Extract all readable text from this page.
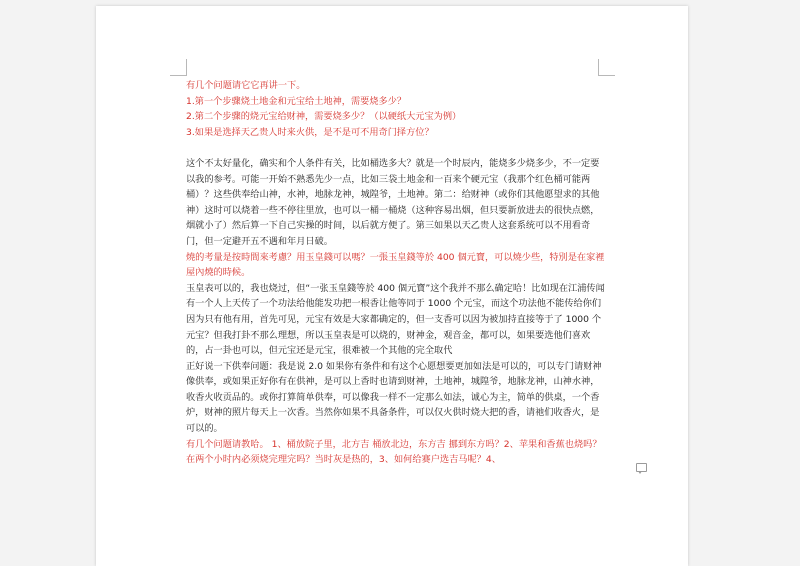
有几个问题请它它再讲一下。

1.第一个步骤烧土地金和元宝给土地神，需要烧多少？

2.第二个步骤的烧元宝给财神，需要烧多少？（以硬纸大元宝为例）

3.如果是选择天乙贵人时来火供，是不是可不用奇门择方位？

这个不太好量化，确实和个人条件有关，比如桶选多大？就是一个时辰内，能烧多少烧多少，不一定要以我的参考。可能一开始不熟悉先少一点，比如三袋土地金和一百来个硬元宝（我那个红色桶可能两桶）？这些供奉给山神，水神，地脉龙神，城隍爷，土地神。第二：给财神（或你们其他愿望求的其他神）这时可以烧着一些不停往里放，也可以一桶一桶烧（这种容易出烟，但只要新放进去的很快点燃，烟就小了）然后算一下自己实操的时间，以后就方便了。第三如果以天乙贵人这套系统可以不用看奇门，但一定避开五不遇和年月日破。

燒的考量是按時間來考慮？用玉皇錢可以嗎？一張玉皇錢等於 400 個元寶，可以燒少些，特別是在家裡屋內燒的時候。

玉皇表可以的，我也烧过，但“一张玉皇錢等於 400 個元寶”这个我并不那么确定哈！比如现在江浦传闻有一个人上天传了一个功法给他能发功把一根香让他等同于 1000 个元宝，而这个功法他不能传给你们因为只有他有用，首先可见，元宝有效是大家都确定的，但一支香可以因为被加持直接等于了 1000 个元宝？但我打卦不那么理想，所以玉皇表是可以烧的，财神金，观音金，都可以，如果要选他们喜欢的，占一卦也可以，但元宝还是元宝，很难被一个其他的完全取代

正好说一下供奉问题：我是说 2.0 如果你有条件和有这个心愿想要更加如法是可以的，可以专门请财神像供奉，或如果正好你有在供神，是可以上香时也请到财神，土地神，城隍爷，地脉龙神，山神水神，收香火收贡品的。或你打算简单供奉，可以像我一样不一定那么如法，诚心为主，简单的供桌，一个香炉，财神的照片每天上一次香。当然你如果不具备条件，可以仅火供时烧大把的香，请祂们收香火，是可以的。

有几个问题请教哈。 1、桶放院子里，北方吉 桶放北边，东方吉 挪到东方吗？2、苹果和香蕉也烧吗？在两个小时内必须烧完理完吗？当时灰是热的，3、如何给赛户选吉马呢？4、
